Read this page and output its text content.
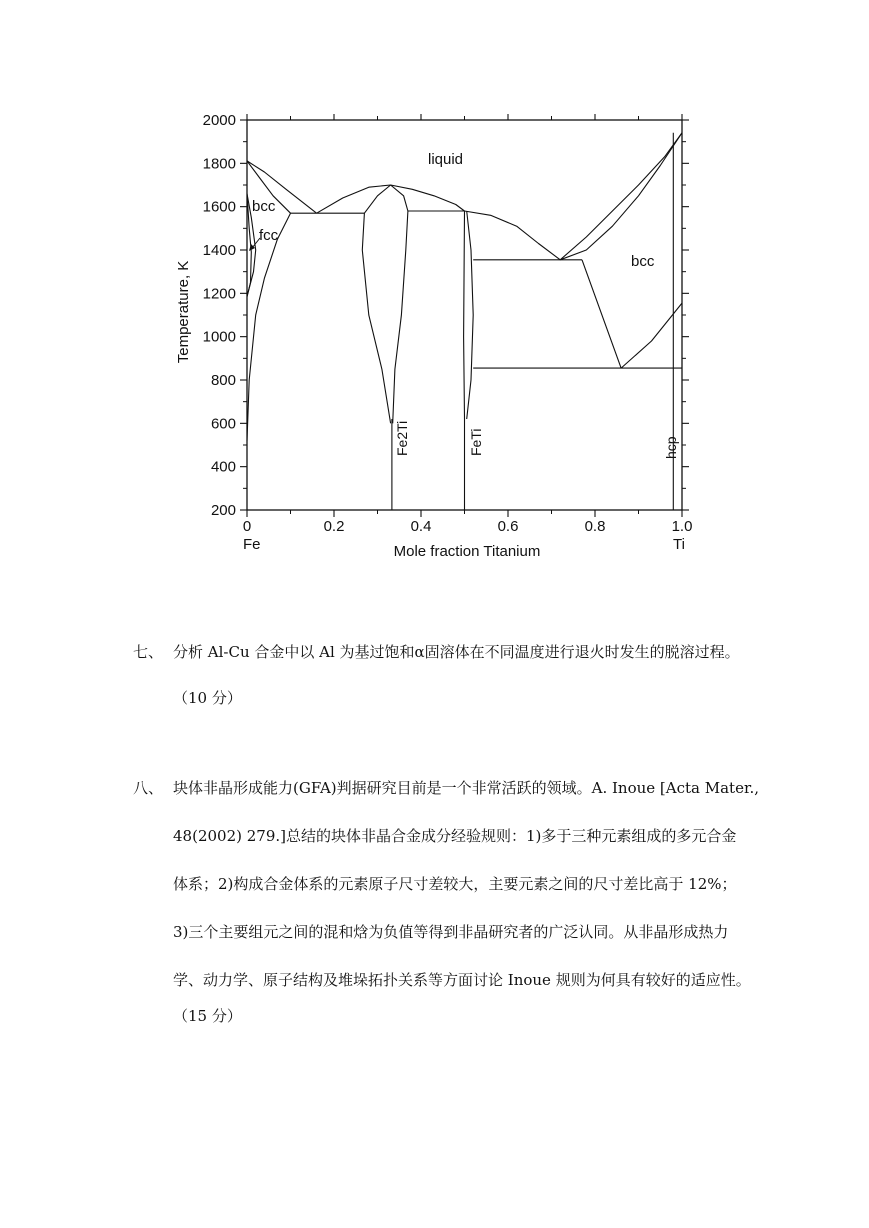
200
400
600
800
1000
1200
1400
1600
1800
2000
0	0.2	0.4	0.6	0.8	1.0
Fe	Ti
Mole fraction Titanium
Temperature, K
liquid
bcc
fcc
bcc
Fe2Ti	FeTi	hcp
七、 分析 Al-Cu 合金中以 Al 为基过饱和α固溶体在不同温度进行退火时发生的脱溶过程。
（10 分）
八、 块体非晶形成能力(GFA)判据研究目前是一个非常活跃的领域。A. Inoue [Acta Mater.,
48(2002) 279.]总结的块体非晶合金成分经验规则：1)多于三种元素组成的多元合金
体系；2)构成合金体系的元素原子尺寸差较大，主要元素之间的尺寸差比高于 12%；
3)三个主要组元之间的混和焓为负值等得到非晶研究者的广泛认同。从非晶形成热力
学、动力学、原子结构及堆垛拓扑关系等方面讨论 Inoue 规则为何具有较好的适应性。
（15 分）
